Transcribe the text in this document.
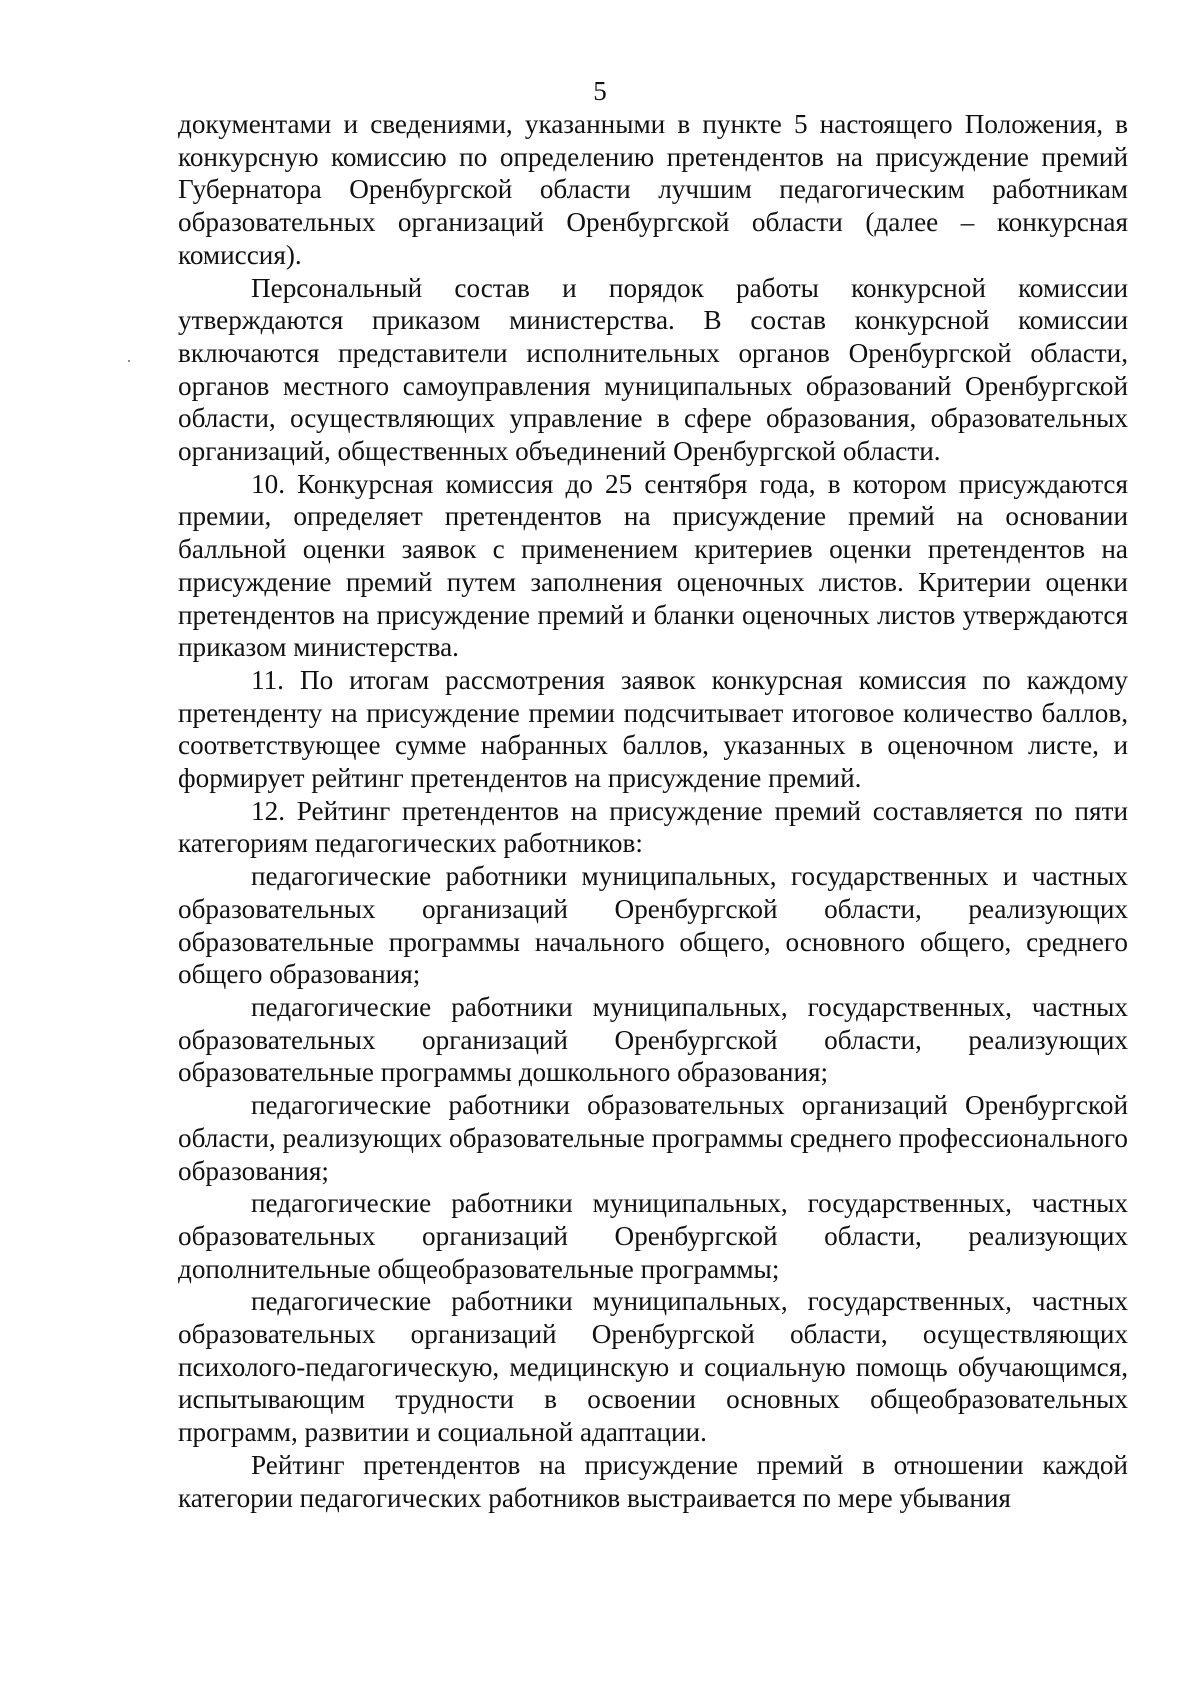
5

документами и сведениями, указанными в пункте 5 настоящего Положения, в конкурсную комиссию по определению претендентов на присуждение премий Губернатора Оренбургской области лучшим педагогическим работникам образовательных организаций Оренбургской области (далее – конкурсная комиссия).

Персональный состав и порядок работы конкурсной комиссии утверждаются приказом министерства. В состав конкурсной комиссии включаются представители исполнительных органов Оренбургской области, органов местного самоуправления муниципальных образований Оренбургской области, осуществляющих управление в сфере образования, образовательных организаций, общественных объединений Оренбургской области.

10. Конкурсная комиссия до 25 сентября года, в котором присуждаются премии, определяет претендентов на присуждение премий на основании балльной оценки заявок с применением критериев оценки претендентов на присуждение премий путем заполнения оценочных листов. Критерии оценки претендентов на присуждение премий и бланки оценочных листов утверждаются приказом министерства.

11. По итогам рассмотрения заявок конкурсная комиссия по каждому претенденту на присуждение премии подсчитывает итоговое количество баллов, соответствующее сумме набранных баллов, указанных в оценочном листе, и формирует рейтинг претендентов на присуждение премий.

12. Рейтинг претендентов на присуждение премий составляется по пяти категориям педагогических работников:

педагогические работники муниципальных, государственных и частных образовательных организаций Оренбургской области, реализующих образовательные программы начального общего, основного общего, среднего общего образования;

педагогические работники муниципальных, государственных, частных образовательных организаций Оренбургской области, реализующих образовательные программы дошкольного образования;

педагогические работники образовательных организаций Оренбургской области, реализующих образовательные программы среднего профессионального образования;

педагогические работники муниципальных, государственных, частных образовательных организаций Оренбургской области, реализующих дополнительные общеобразовательные программы;

педагогические работники муниципальных, государственных, частных образовательных организаций Оренбургской области, осуществляющих психолого-педагогическую, медицинскую и социальную помощь обучающимся, испытывающим трудности в освоении основных общеобразовательных программ, развитии и социальной адаптации.

Рейтинг претендентов на присуждение премий в отношении каждой категории педагогических работников выстраивается по мере убывания
